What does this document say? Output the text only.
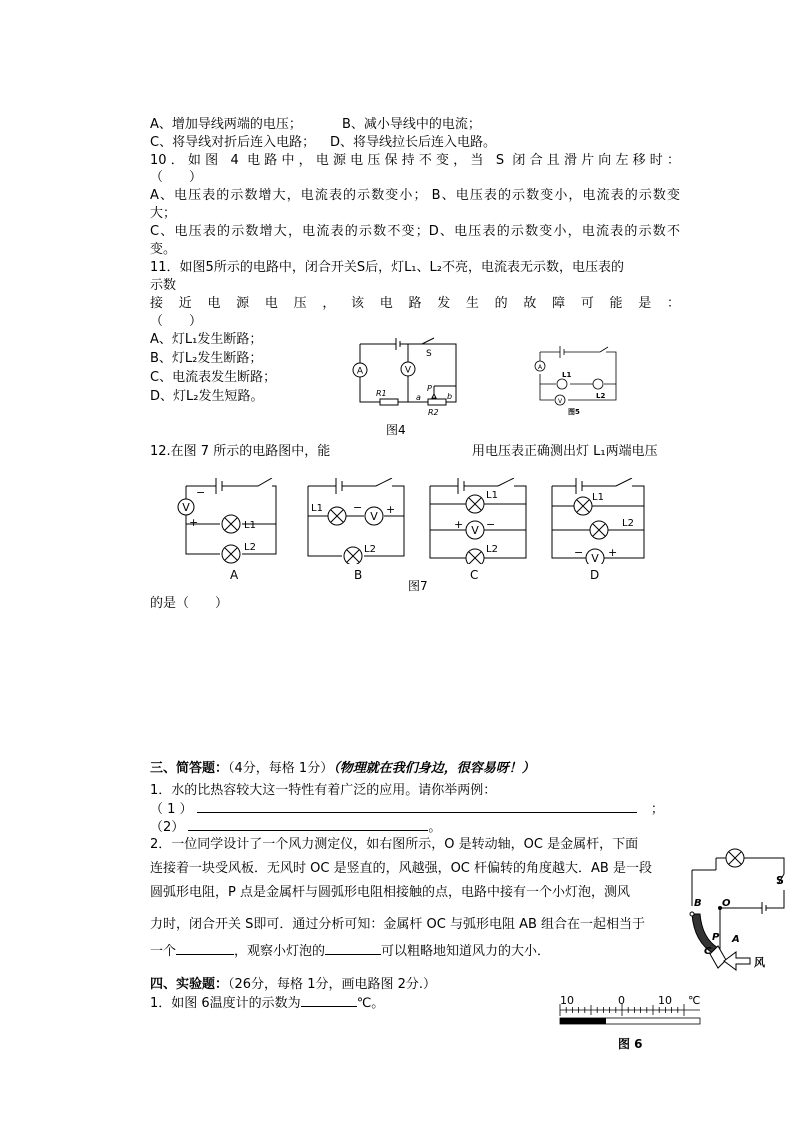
A、增加导线两端的电压；	B、减小导线中的电流；
C、将导线对折后连入电路； D、将导线拉长后连入电路。
10．如图 4 电路中，电源电压保持不变，当 S 闭合且滑片向左移时：
（　　）
A、电压表的示数增大，电流表的示数变小； B、电压表的示数变小，电流表的示数变
大；
C、电压表的示数增大，电流表的示数不变；D、电压表的示数变小，电流表的示数不
变。
11．如图5所示的电路中，闭合开关S后，灯L₁、L₂不亮，电流表无示数，电压表的
示数
接近电源电压，该电路发生的故障可能是：
（　　）
A、灯L₁发生断路；
B、灯L₂发生断路；
C、电流表发生断路；
D、灯L₂发生短路。
A	V
S
R1	a
P
b
R2
图4
A
L1
V
L2
图5
12.在图 7 所示的电路图中，能	用电压表正确测出灯 L₁两端电压
V
−
+	L1
L2
A
V
L1	− +
L2
B
V
L1
+ −
L2
C
V
L1
L2
− +
D
图7
的是（　　）
三、简答题：（4分，每格 1分）（物理就在我们身边，很容易呀！）
1．水的比热容较大这一特性有着广泛的应用。请你举两例：
（ 1 ）	；
（2）	。
2．一位同学设计了一个风力测定仪，如右图所示，O 是转动轴，OC 是金属杆，下面
连接着一块受风板．无风时 OC 是竖直的，风越强，OC 杆偏转的角度越大．AB 是一段
圆弧形电阻，P 点是金属杆与圆弧形电阻相接触的点，电路中接有一个小灯泡，测风
力时，闭合开关 S即可．通过分析可知：金属杆 OC 与弧形电阻 AB 组合在一起相当于
一个	，观察小灯泡的	可以粗略地知道风力的大小．
S
B O
P
C
A
风
四、实验题：（26分，每格 1分，画电路图 2分.）
1．如图 6温度计的示数为	℃。	10	0	10 ℃
图 6
